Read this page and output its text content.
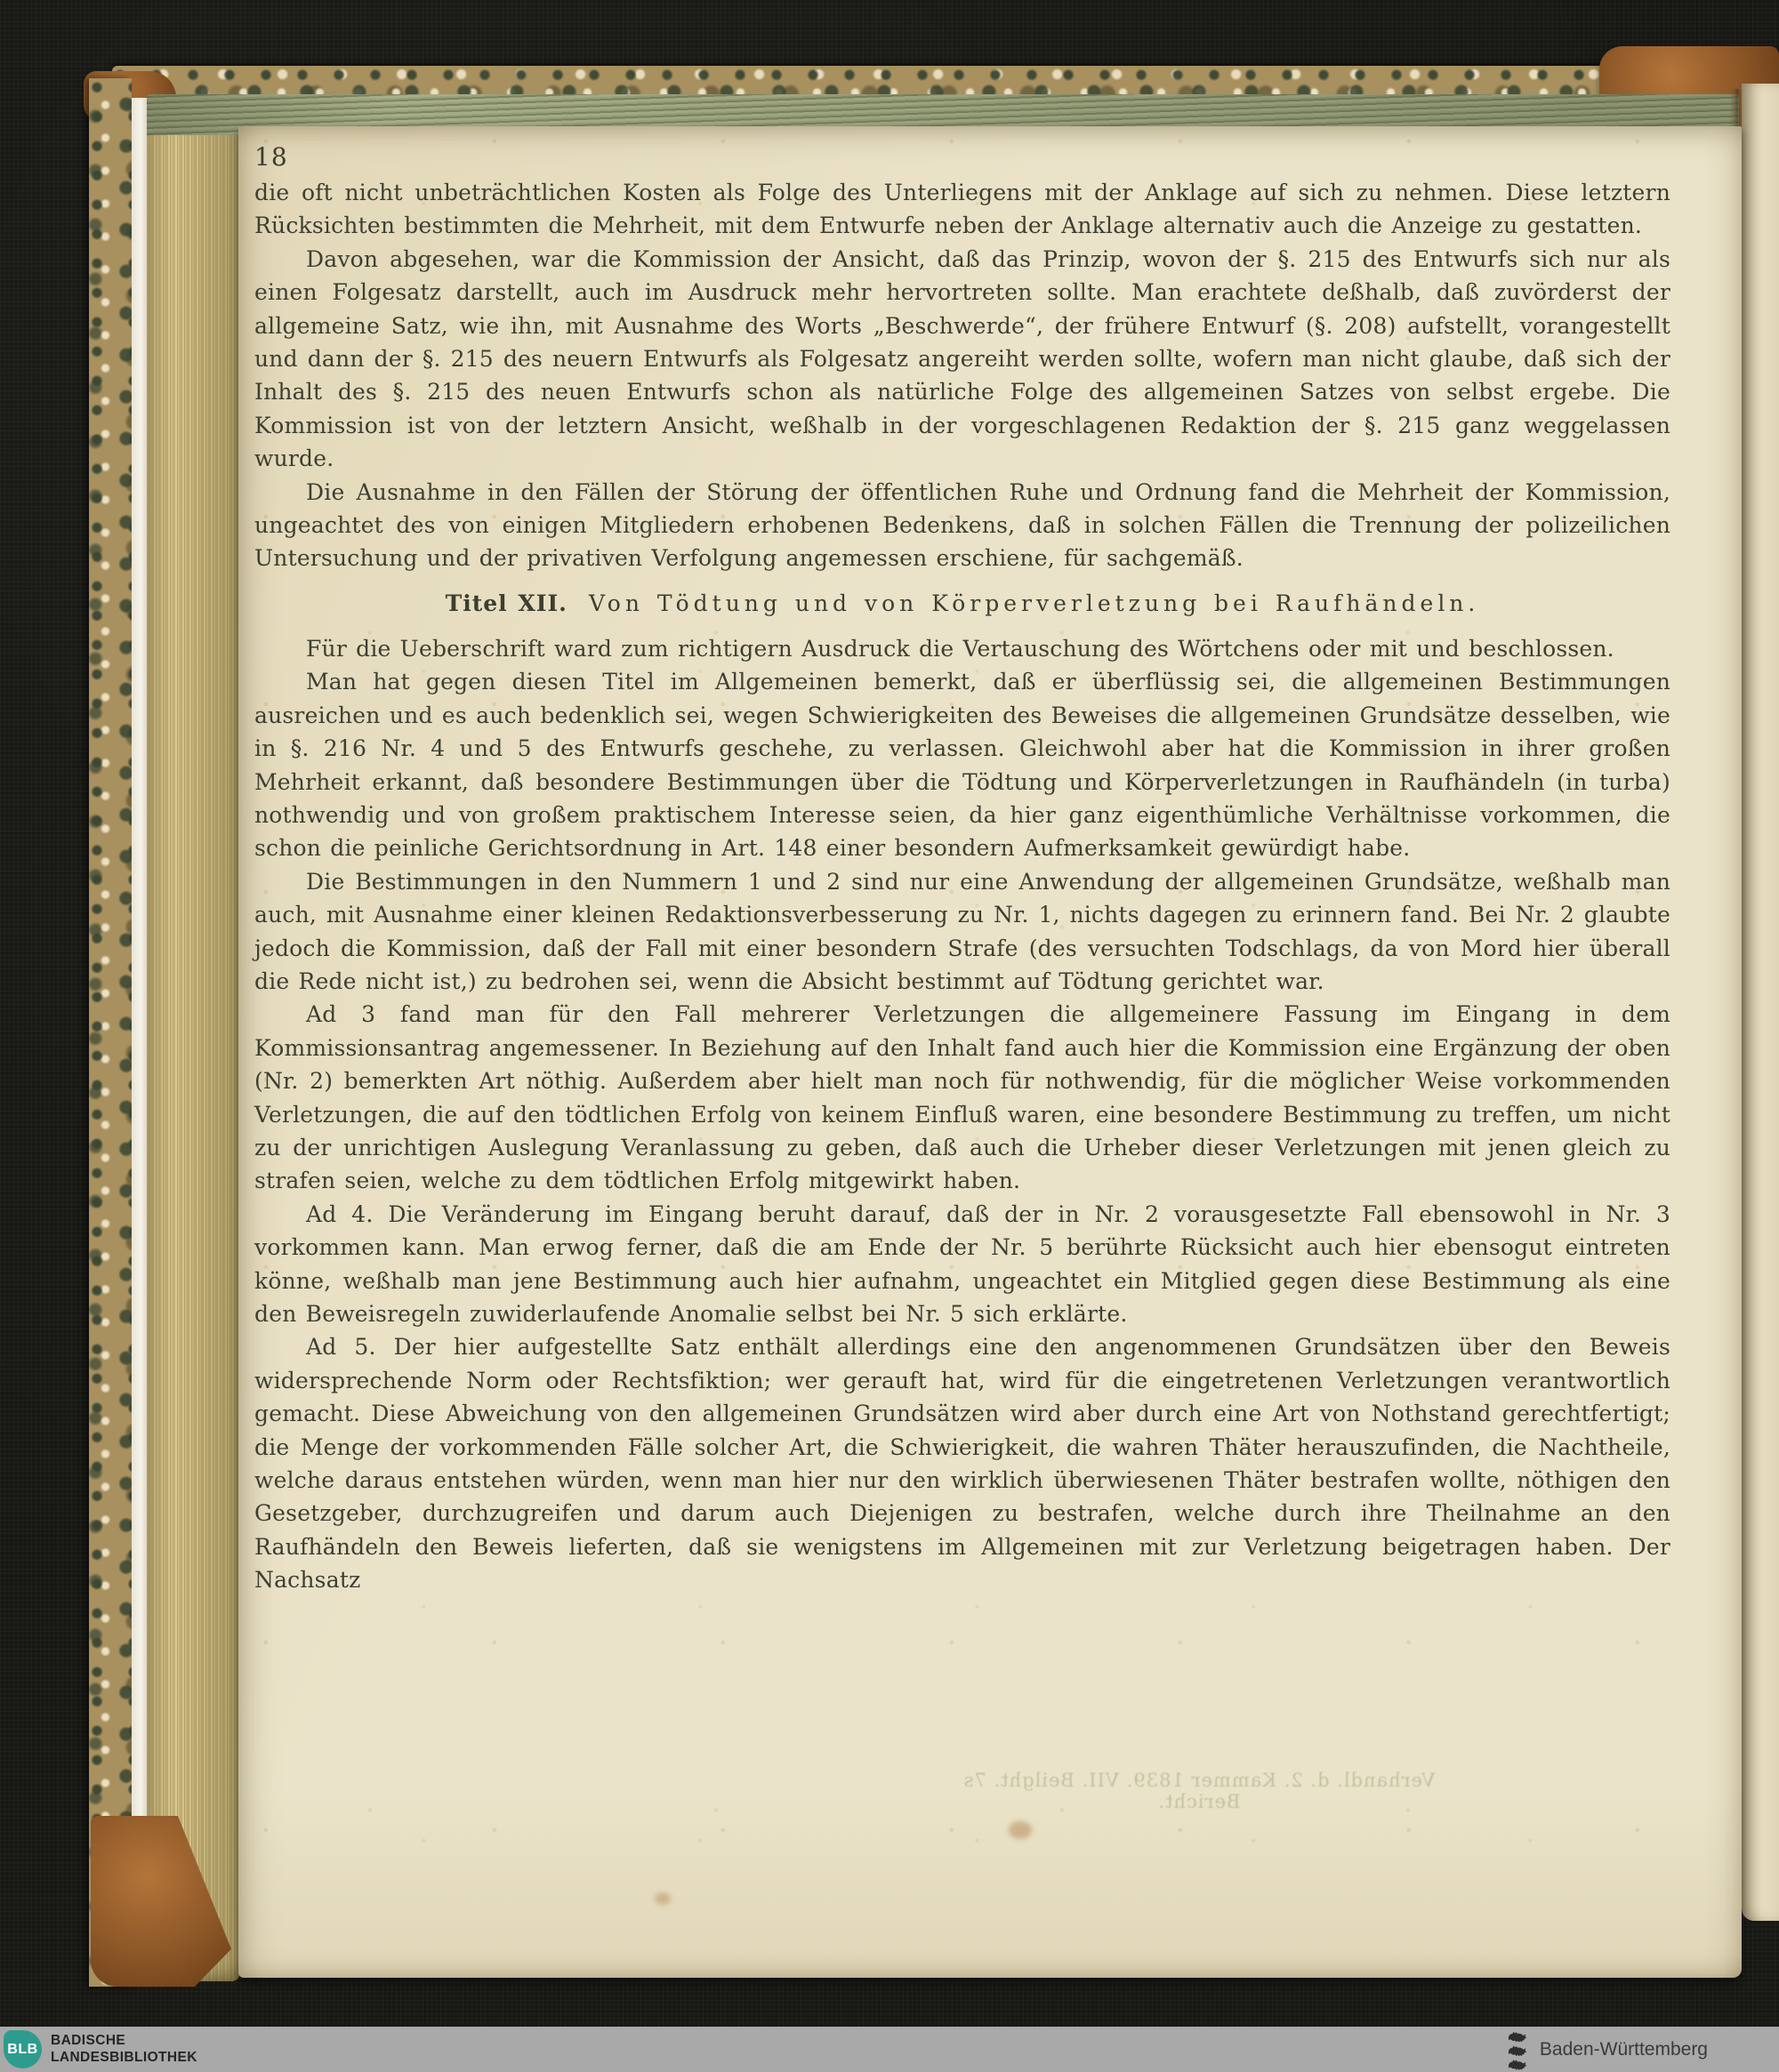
18

die oft nicht unbeträchtlichen Kosten als Folge des Unterliegens mit der Anklage auf sich zu nehmen. Diese letztern Rücksichten bestimmten die Mehrheit, mit dem Entwurfe neben der Anklage alternativ auch die Anzeige zu gestatten.

Davon abgesehen, war die Kommission der Ansicht, daß das Prinzip, wovon der §. 215 des Entwurfs sich nur als einen Folgesatz darstellt, auch im Ausdruck mehr hervortreten sollte. Man erachtete deßhalb, daß zuvörderst der allgemeine Satz, wie ihn, mit Ausnahme des Worts „Beschwerde“, der frühere Entwurf (§. 208) aufstellt, vorangestellt und dann der §. 215 des neuern Entwurfs als Folgesatz angereiht werden sollte, wofern man nicht glaube, daß sich der Inhalt des §. 215 des neuen Entwurfs schon als natürliche Folge des allgemeinen Satzes von selbst ergebe. Die Kommission ist von der letztern Ansicht, weßhalb in der vorgeschlagenen Redaktion der §. 215 ganz weggelassen wurde.

Die Ausnahme in den Fällen der Störung der öffentlichen Ruhe und Ordnung fand die Mehrheit der Kommission, ungeachtet des von einigen Mitgliedern erhobenen Bedenkens, daß in solchen Fällen die Trennung der polizeilichen Untersuchung und der privativen Verfolgung angemessen erschiene, für sachgemäß.

Titel XII. Von Tödtung und von Körperverletzung bei Raufhändeln.

Für die Ueberschrift ward zum richtigern Ausdruck die Vertauschung des Wörtchens oder mit und beschlossen.

Man hat gegen diesen Titel im Allgemeinen bemerkt, daß er überflüssig sei, die allgemeinen Bestimmungen ausreichen und es auch bedenklich sei, wegen Schwierigkeiten des Beweises die allgemeinen Grundsätze desselben, wie in §. 216 Nr. 4 und 5 des Entwurfs geschehe, zu verlassen. Gleichwohl aber hat die Kommission in ihrer großen Mehrheit erkannt, daß besondere Bestimmungen über die Tödtung und Körperverletzungen in Raufhändeln (in turba) nothwendig und von großem praktischem Interesse seien, da hier ganz eigenthümliche Verhältnisse vorkommen, die schon die peinliche Gerichtsordnung in Art. 148 einer besondern Aufmerksamkeit gewürdigt habe.

Die Bestimmungen in den Nummern 1 und 2 sind nur eine Anwendung der allgemeinen Grundsätze, weßhalb man auch, mit Ausnahme einer kleinen Redaktionsverbesserung zu Nr. 1, nichts dagegen zu erinnern fand. Bei Nr. 2 glaubte jedoch die Kommission, daß der Fall mit einer besondern Strafe (des versuchten Todschlags, da von Mord hier überall die Rede nicht ist,) zu bedrohen sei, wenn die Absicht bestimmt auf Tödtung gerichtet war.

Ad 3 fand man für den Fall mehrerer Verletzungen die allgemeinere Fassung im Eingang in dem Kommissionsantrag angemessener. In Beziehung auf den Inhalt fand auch hier die Kommission eine Ergänzung der oben (Nr. 2) bemerkten Art nöthig. Außerdem aber hielt man noch für nothwendig, für die möglicher Weise vorkommenden Verletzungen, die auf den tödtlichen Erfolg von keinem Einfluß waren, eine besondere Bestimmung zu treffen, um nicht zu der unrichtigen Auslegung Veranlassung zu geben, daß auch die Urheber dieser Verletzungen mit jenen gleich zu strafen seien, welche zu dem tödtlichen Erfolg mitgewirkt haben.

Ad 4. Die Veränderung im Eingang beruht darauf, daß der in Nr. 2 vorausgesetzte Fall ebensowohl in Nr. 3 vorkommen kann. Man erwog ferner, daß die am Ende der Nr. 5 berührte Rücksicht auch hier ebensogut eintreten könne, weßhalb man jene Bestimmung auch hier aufnahm, ungeachtet ein Mitglied gegen diese Bestimmung als eine den Beweisregeln zuwiderlaufende Anomalie selbst bei Nr. 5 sich erklärte.

Ad 5. Der hier aufgestellte Satz enthält allerdings eine den angenommenen Grundsätzen über den Beweis widersprechende Norm oder Rechtsfiktion; wer gerauft hat, wird für die eingetretenen Verletzungen verantwortlich gemacht. Diese Abweichung von den allgemeinen Grundsätzen wird aber durch eine Art von Nothstand gerechtfertigt; die Menge der vorkommenden Fälle solcher Art, die Schwierigkeit, die wahren Thäter herauszufinden, die Nachtheile, welche daraus entstehen würden, wenn man hier nur den wirklich überwiesenen Thäter bestrafen wollte, nöthigen den Gesetzgeber, durchzugreifen und darum auch Diejenigen zu bestrafen, welche durch ihre Theilnahme an den Raufhändeln den Beweis lieferten, daß sie wenigstens im Allgemeinen mit zur Verletzung beigetragen haben. Der Nachsatz

Verhandl. d. 2. Kammer 1839. VII. Beilght. 7s Bericht.
BLB
BADISCHE
LANDESBIBLIOTHEK	Baden-Württemberg
